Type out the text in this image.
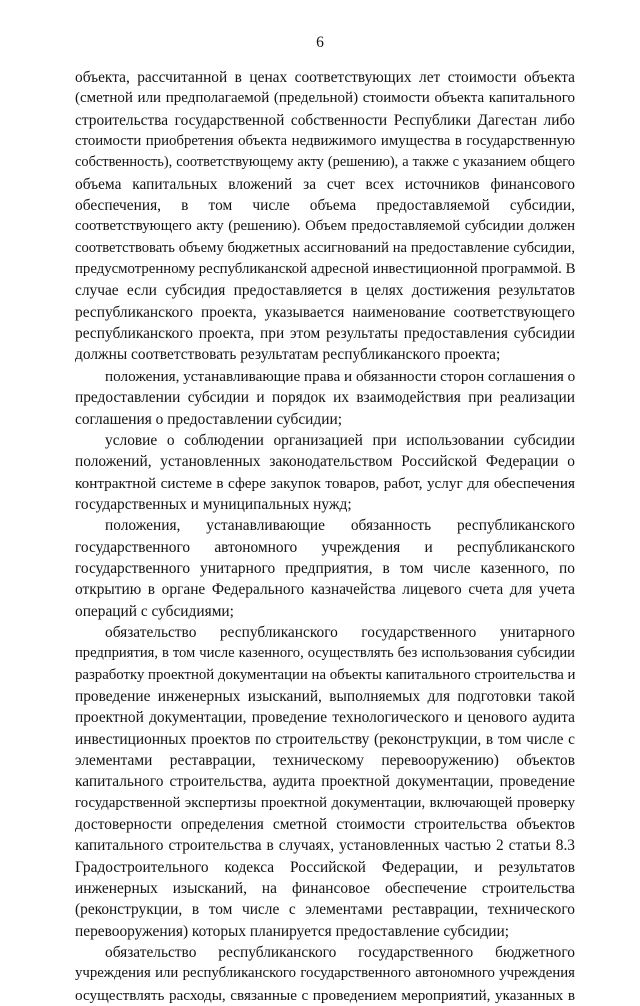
6
объекта, рассчитанной в ценах соответствующих лет стоимости объекта
(сметной или предполагаемой (предельной) стоимости объекта капитального
строительства государственной собственности Республики Дагестан либо
стоимости приобретения объекта недвижимого имущества в государственную
собственность), соответствующему акту (решению), а также с указанием общего
объема капитальных вложений за счет всех источников финансового
обеспечения, в том числе объема предоставляемой субсидии,
соответствующего акту (решению). Объем предоставляемой субсидии должен
соответствовать объему бюджетных ассигнований на предоставление субсидии,
предусмотренному республиканской адресной инвестиционной программой. В
случае если субсидия предоставляется в целях достижения результатов
республиканского проекта, указывается наименование соответствующего
республиканского проекта, при этом результаты предоставления субсидии
должны соответствовать результатам республиканского проекта;
положения, устанавливающие права и обязанности сторон соглашения о
предоставлении субсидии и порядок их взаимодействия при реализации
соглашения о предоставлении субсидии;
условие о соблюдении организацией при использовании субсидии
положений, установленных законодательством Российской Федерации о
контрактной системе в сфере закупок товаров, работ, услуг для обеспечения
государственных и муниципальных нужд;
положения, устанавливающие обязанность республиканского
государственного автономного учреждения и республиканского
государственного унитарного предприятия, в том числе казенного, по
открытию в органе Федерального казначейства лицевого счета для учета
операций с субсидиями;
обязательство республиканского государственного унитарного
предприятия, в том числе казенного, осуществлять без использования субсидии
разработку проектной документации на объекты капитального строительства и
проведение инженерных изысканий, выполняемых для подготовки такой
проектной документации, проведение технологического и ценового аудита
инвестиционных проектов по строительству (реконструкции, в том числе с
элементами реставрации, техническому перевооружению) объектов
капитального строительства, аудита проектной документации, проведение
государственной экспертизы проектной документации, включающей проверку
достоверности определения сметной стоимости строительства объектов
капитального строительства в случаях, установленных частью 2 статьи 8.3
Градостроительного кодекса Российской Федерации, и результатов
инженерных изысканий, на финансовое обеспечение строительства
(реконструкции, в том числе с элементами реставрации, технического
перевооружения) которых планируется предоставление субсидии;
обязательство республиканского государственного бюджетного
учреждения или республиканского государственного автономного учреждения
осуществлять расходы, связанные с проведением мероприятий, указанных в
